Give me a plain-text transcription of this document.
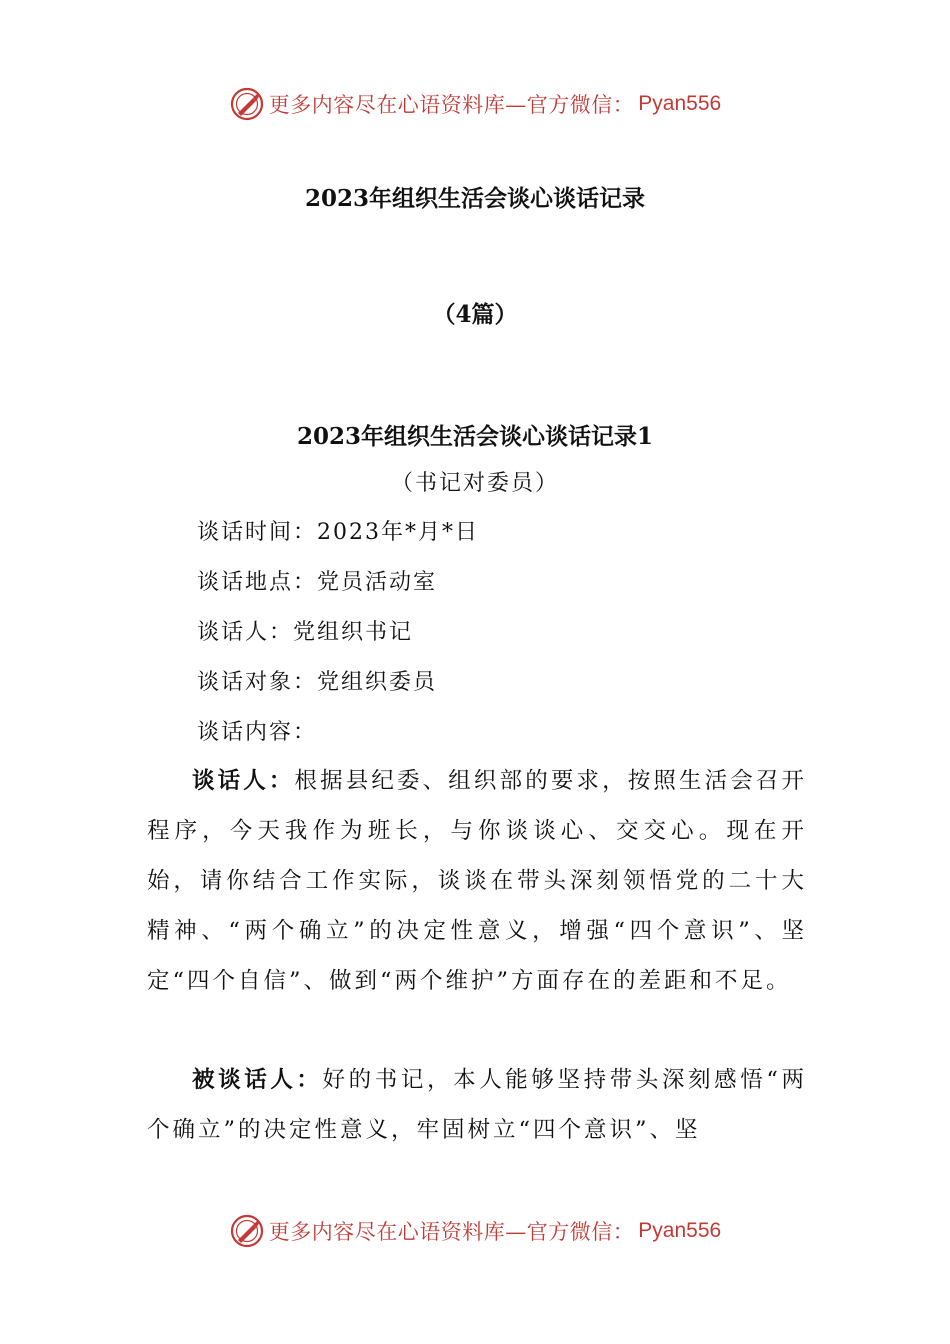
更多内容尽在心语资料库—官方微信： Pyan556
2023年组织生活会谈心谈话记录
（4篇）
2023年组织生活会谈心谈话记录1
（书记对委员）
谈话时间：2023年*月*日
谈话地点：党员活动室
谈话人：党组织书记
谈话对象：党组织委员
谈话内容：

谈话人：根据县纪委、组织部的要求，按照生活会召开程序，今天我作为班长，与你谈谈心、交交心。现在开始，请你结合工作实际，谈谈在带头深刻领悟党的二十大精神、“两个确立”的决定性意义，增强“四个意识”、坚定“四个自信”、做到“两个维护”方面存在的差距和不足。

被谈话人：好的书记，本人能够坚持带头深刻感悟“两个确立”的决定性意义，牢固树立“四个意识”、坚

更多内容尽在心语资料库—官方微信： Pyan556
